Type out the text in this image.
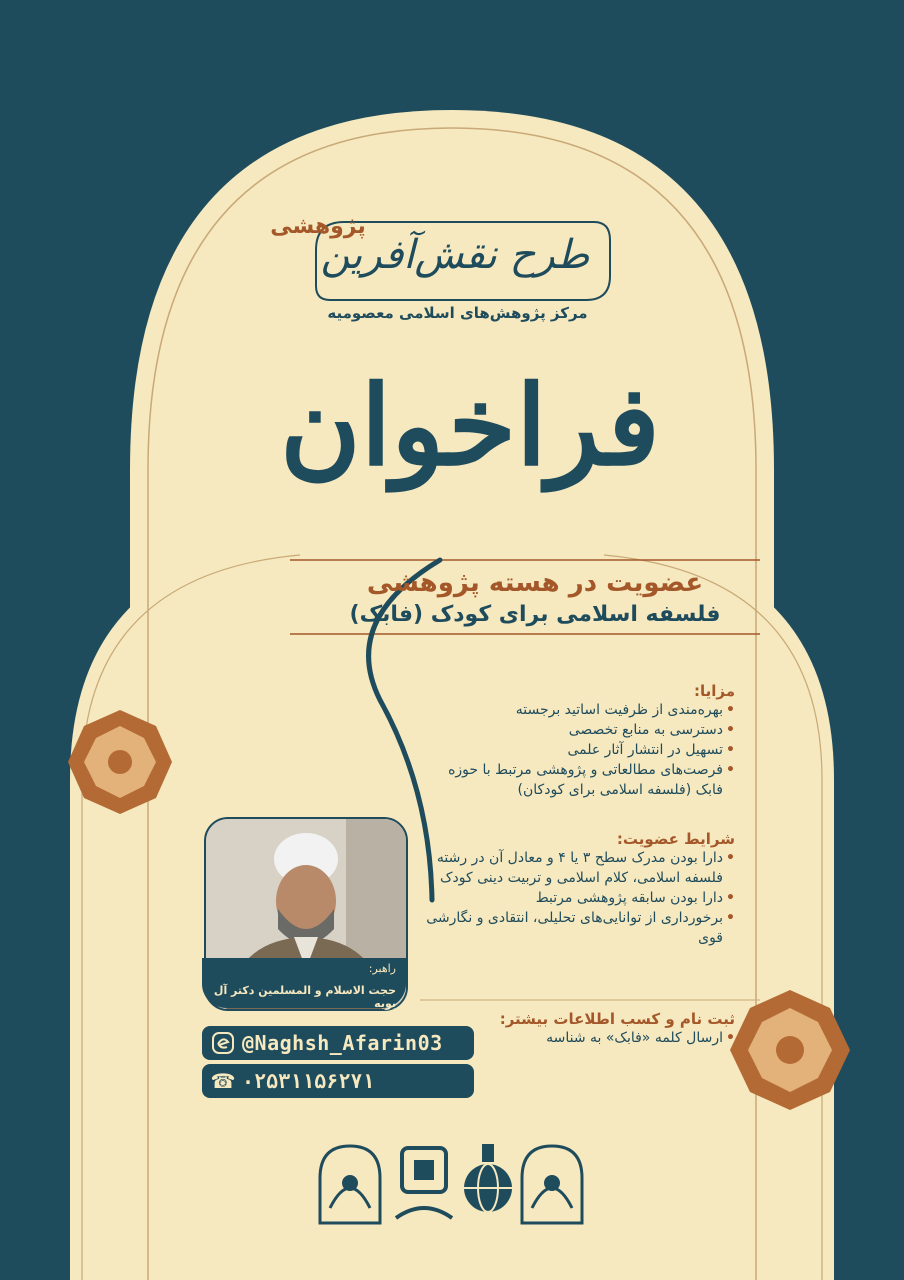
پژوهشی
طرح نقش‌آفرین
مرکز پژوهش‌های اسلامی معصومیه
فراخوان
عضویت در هسته پژوهشی
فلسفه اسلامی برای کودک (فابک)
مزایا:
• بهره‌مندی از ظرفیت اساتید برجسته
• دسترسی به منابع تخصصی
• تسهیل در انتشار آثار علمی
• فرصت‌های مطالعاتی و پژوهشی مرتبط با حوزه فابک (فلسفه اسلامی برای کودکان)
شرایط عضویت:
• دارا بودن مدرک سطح ۳ یا ۴ و معادل آن در رشته فلسفه اسلامی، کلام اسلامی و تربیت دینی کودک
• دارا بودن سابقه پژوهشی مرتبط
• برخورداری از توانایی‌های تحلیلی، انتقادی و نگارشی قوی
ثبت نام و کسب اطلاعات بیشتر:
• ارسال کلمه «فابک» به شناسه
راهبر:
حجت الاسلام و المسلمین دکتر آل بویه
@Naghsh_Afarin03
☎ ۰۲۵۳۱۱۵۶۲۷۱
